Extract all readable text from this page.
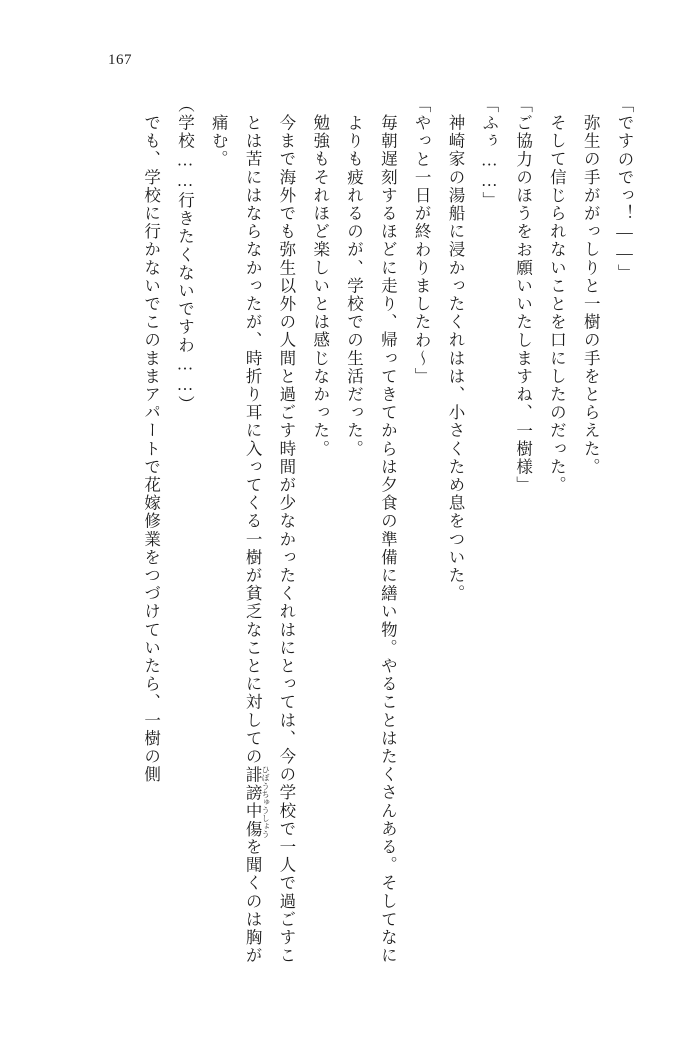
167

「ですのでっ！――」

弥生の手ががっしりと一樹の手をとらえた。

そして信じられないことを口にしたのだった。

「ご協力のほうをお願いいたしますね、一樹様」

「ふぅ……」

神崎家の湯船に浸かったくれはは、小さくため息をついた。

「やっと一日が終わりましたわ～」

毎朝遅刻するほどに走り、帰ってきてからは夕食の準備に繕い物。やることはたくさんある。そしてなによりも疲れるのが、学校での生活だった。

勉強もそれほど楽しいとは感じなかった。

今まで海外でも弥生以外の人間と過ごす時間が少なかったくれはにとっては、今の学校で一人で過ごすことは苦にはならなかったが、時折り耳に入ってくる一樹が貧乏なことに対しての誹謗中傷 ひぼうちゅうしょうを聞くのは胸が痛む。

（学校……行きたくないですわ……）

でも、学校に行かないでこのままアパートで花嫁修業をつづけていたら、一樹の側
